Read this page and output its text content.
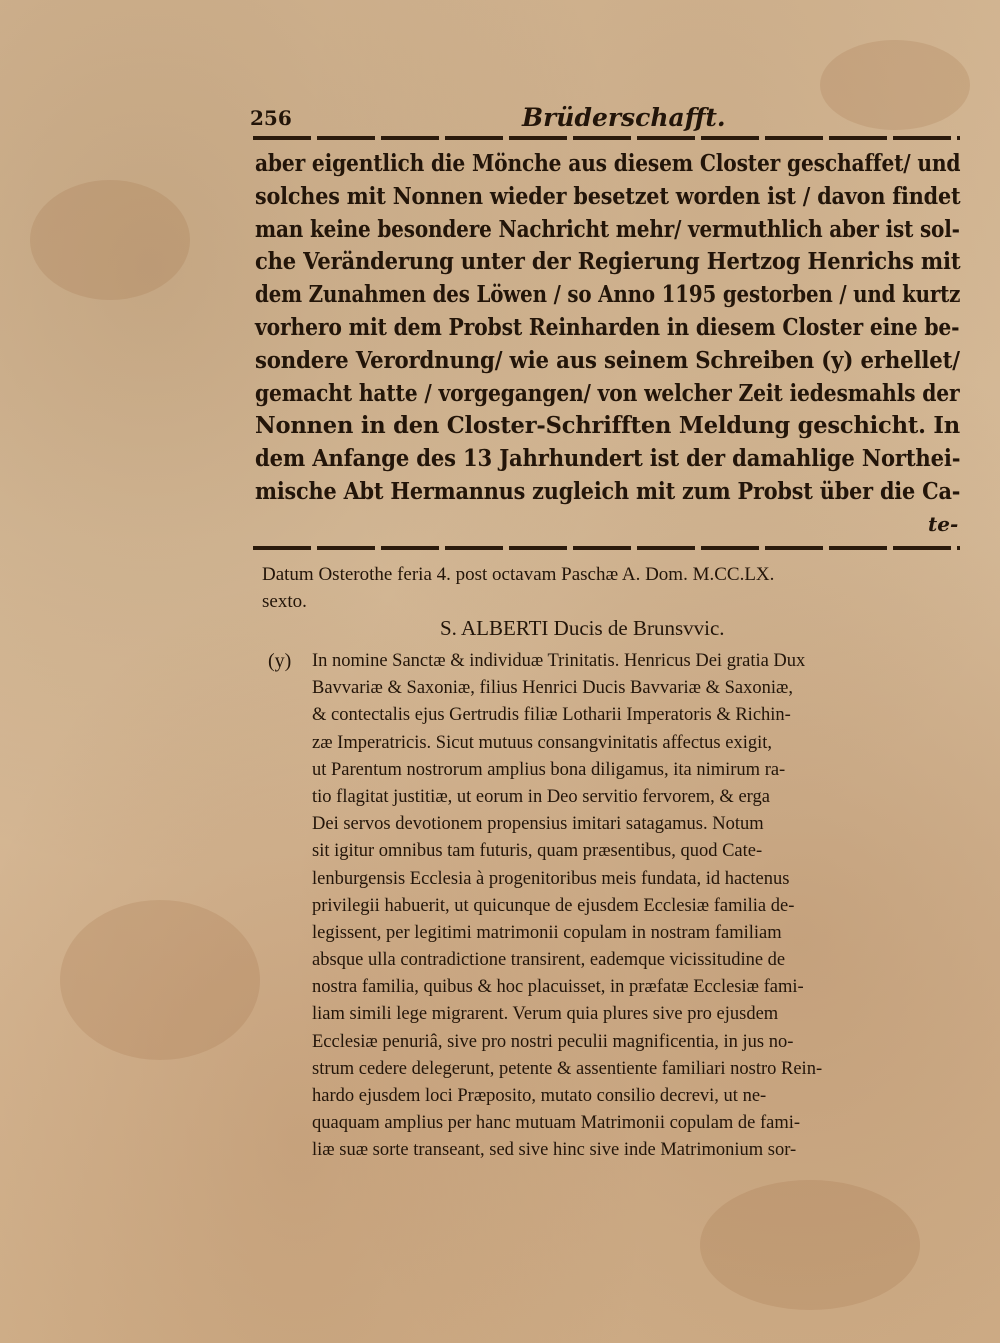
256	Brüderschafft.
aber eigentlich die Mönche aus diesem Closter geschaffet/ und
solches mit Nonnen wieder besetzet worden ist / davon findet
man keine besondere Nachricht mehr/ vermuthlich aber ist sol-
che Veränderung unter der Regierung Hertzog Henrichs mit
dem Zunahmen des Löwen / so Anno 1195 gestorben / und kurtz
vorhero mit dem Probst Reinharden in diesem Closter eine be-
sondere Verordnung/ wie aus seinem Schreiben (y) erhellet/
gemacht hatte / vorgegangen/ von welcher Zeit iedesmahls der
Nonnen in den Closter-Schrifften Meldung geschicht. In
dem Anfange des 13 Jahrhundert ist der damahlige Northei-
mische Abt Hermannus zugleich mit zum Probst über die Ca-
te-
Datum Osterothe feria 4. post octavam Paschæ A. Dom. M.CC.LX.
sexto.
S. ALBERTI Ducis de Brunsvvic.
(y) In nomine Sanctæ & individuæ Trinitatis. Henricus Dei gratia Dux
Bavvariæ & Saxoniæ, filius Henrici Ducis Bavvariæ & Saxoniæ,
& contectalis ejus Gertrudis filiæ Lotharii Imperatoris & Richin-
zæ Imperatricis. Sicut mutuus consangvinitatis affectus exigit,
ut Parentum nostrorum amplius bona diligamus, ita nimirum ra-
tio flagitat justitiæ, ut eorum in Deo servitio fervorem, & erga
Dei servos devotionem propensius imitari satagamus. Notum
sit igitur omnibus tam futuris, quam præsentibus, quod Cate-
lenburgensis Ecclesia à progenitoribus meis fundata, id hactenus
privilegii habuerit, ut quicunque de ejusdem Ecclesiæ familia de-
legissent, per legitimi matrimonii copulam in nostram familiam
absque ulla contradictione transirent, eademque vicissitudine de
nostra familia, quibus & hoc placuisset, in præfatæ Ecclesiæ fami-
liam simili lege migrarent. Verum quia plures sive pro ejusdem
Ecclesiæ penuriâ, sive pro nostri peculii magnificentia, in jus no-
strum cedere delegerunt, petente & assentiente familiari nostro Rein-
hardo ejusdem loci Præposito, mutato consilio decrevi, ut ne-
quaquam amplius per hanc mutuam Matrimonii copulam de fami-
liæ suæ sorte transeant, sed sive hinc sive inde Matrimonium sor-
